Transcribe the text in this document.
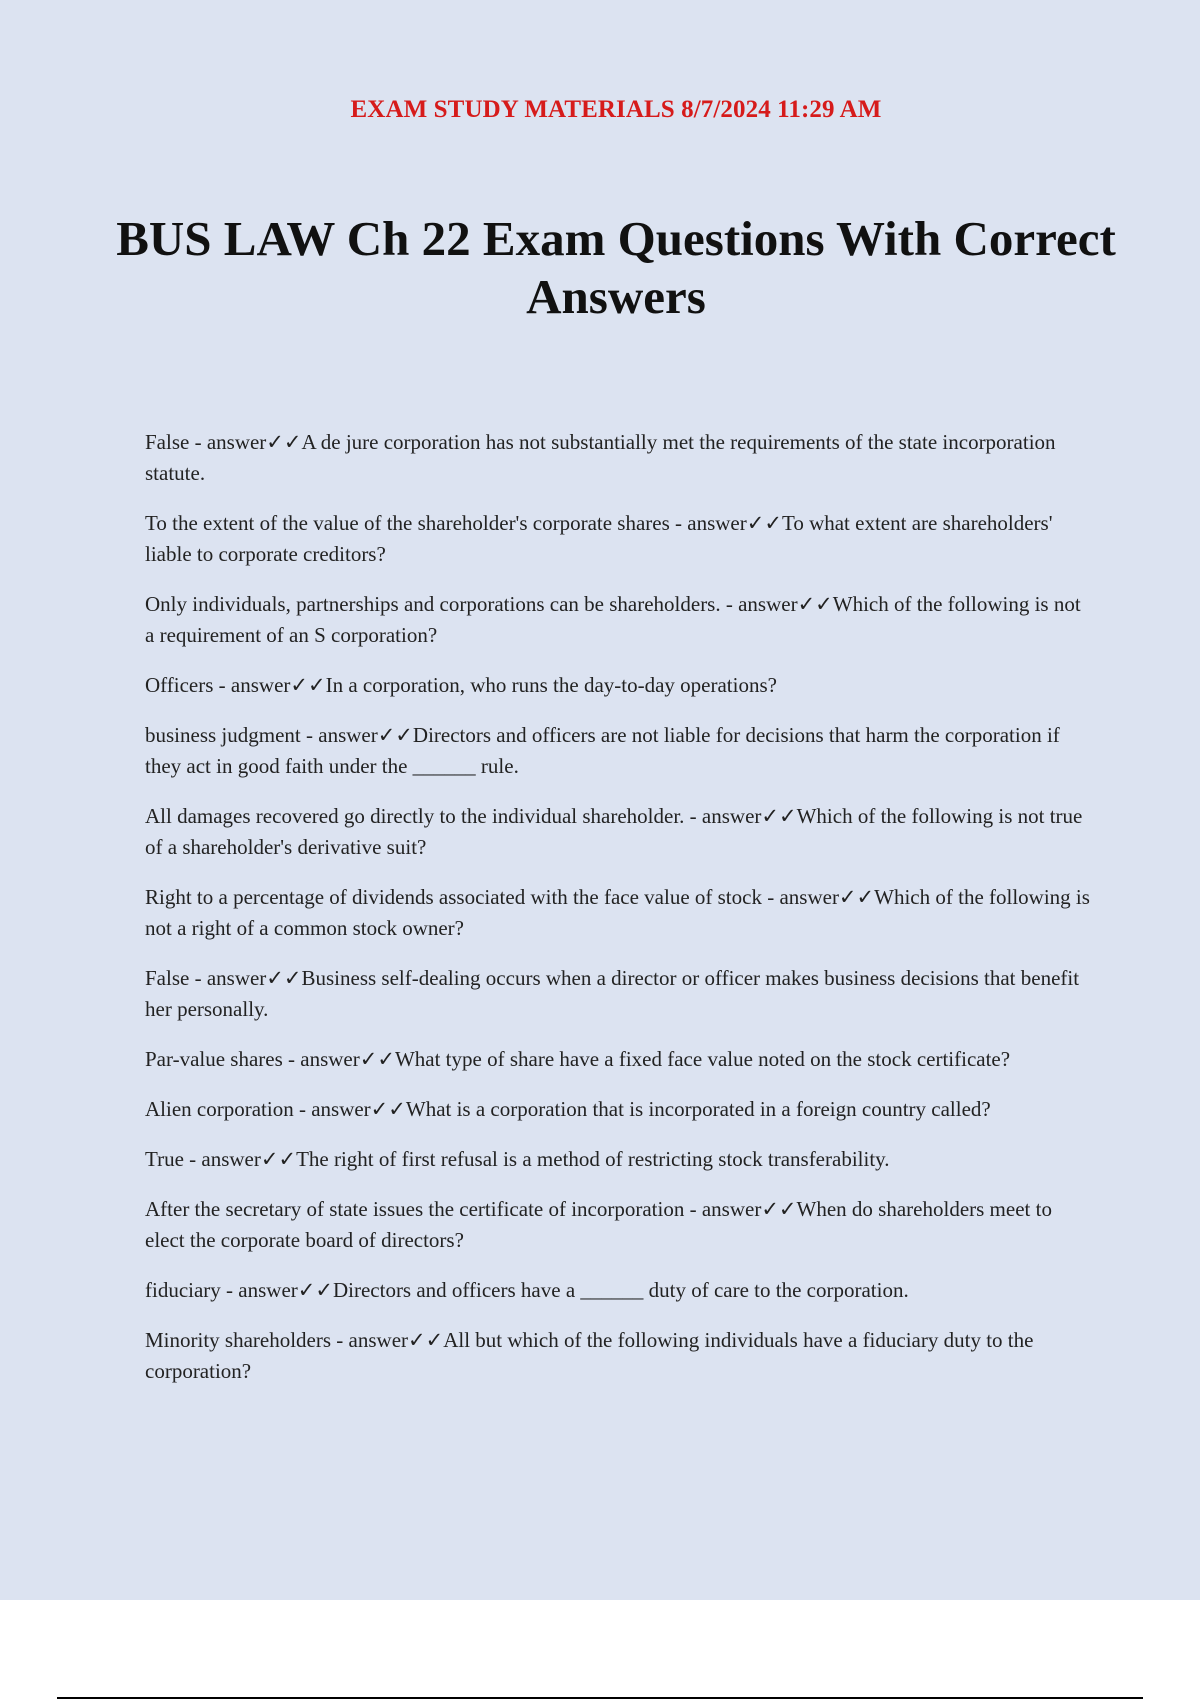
EXAM STUDY MATERIALS 8/7/2024 11:29 AM
BUS LAW Ch 22 Exam Questions With Correct Answers
False - answer✓✓A de jure corporation has not substantially met the requirements of the state incorporation statute.
To the extent of the value of the shareholder's corporate shares - answer✓✓To what extent are shareholders' liable to corporate creditors?
Only individuals, partnerships and corporations can be shareholders. - answer✓✓Which of the following is not a requirement of an S corporation?
Officers - answer✓✓In a corporation, who runs the day-to-day operations?
business judgment - answer✓✓Directors and officers are not liable for decisions that harm the corporation if they act in good faith under the ______ rule.
All damages recovered go directly to the individual shareholder. - answer✓✓Which of the following is not true of a shareholder's derivative suit?
Right to a percentage of dividends associated with the face value of stock - answer✓✓Which of the following is not a right of a common stock owner?
False - answer✓✓Business self-dealing occurs when a director or officer makes business decisions that benefit her personally.
Par-value shares - answer✓✓What type of share have a fixed face value noted on the stock certificate?
Alien corporation - answer✓✓What is a corporation that is incorporated in a foreign country called?
True - answer✓✓The right of first refusal is a method of restricting stock transferability.
After the secretary of state issues the certificate of incorporation - answer✓✓When do shareholders meet to elect the corporate board of directors?
fiduciary - answer✓✓Directors and officers have a ______ duty of care to the corporation.
Minority shareholders - answer✓✓All but which of the following individuals have a fiduciary duty to the corporation?
